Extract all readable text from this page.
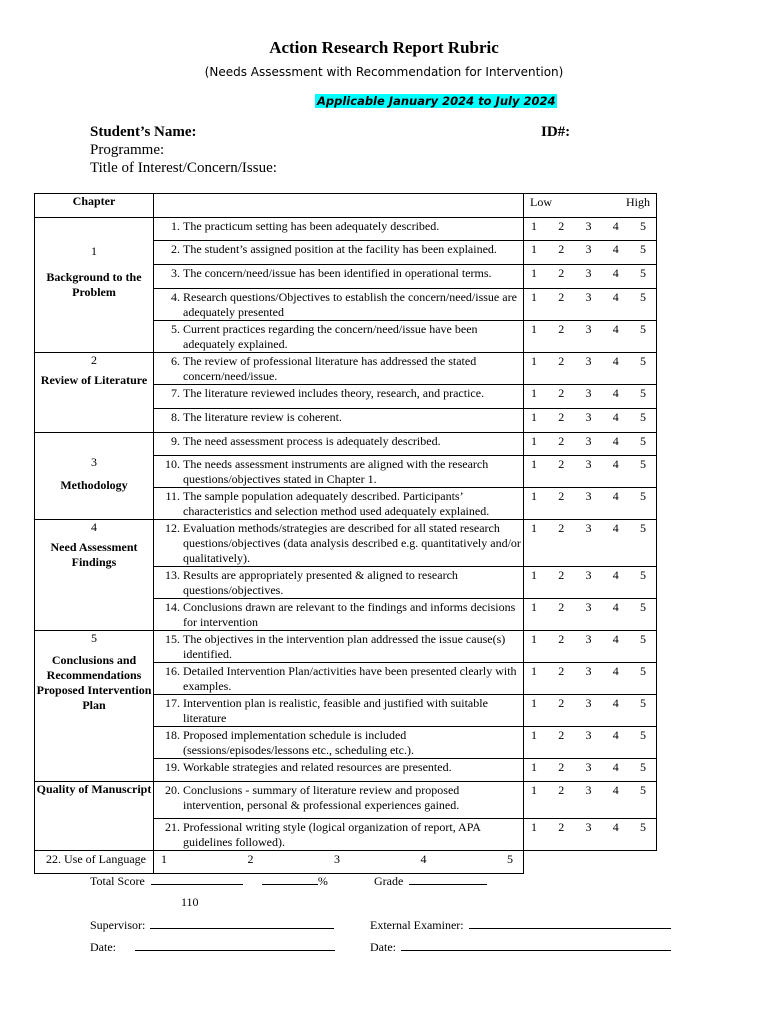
Action Research Report Rubric
(Needs Assessment with Recommendation for Intervention)
Applicable January 2024 to July 2024
Student’s Name:	ID#:
Programme:
Title of Interest/Concern/Issue:
Chapter		Low High

1
Background to the Problem	1. The practicum setting has been adequately described.	1 2 3 4 5

	2. The student’s assigned position at the facility has been explained.	1 2 3 4 5

	3. The concern/need/issue has been identified in operational terms.	1 2 3 4 5

	4. Research questions/Objectives to establish the concern/need/issue are adequately presented	1 2 3 4 5

	5. Current practices regarding the concern/need/issue have been adequately explained.	1 2 3 4 5

2
Review of Literature	6. The review of professional literature has addressed the stated concern/need/issue.	1 2 3 4 5

	7. The literature reviewed includes theory, research, and practice.	1 2 3 4 5

	8. The literature review is coherent.	1 2 3 4 5

3
Methodology	9. The need assessment process is adequately described.	1 2 3 4 5

	10. The needs assessment instruments are aligned with the research questions/objectives stated in Chapter 1.	1 2 3 4 5

	11. The sample population adequately described. Participants’ characteristics and selection method used adequately explained.	1 2 3 4 5

4
Need Assessment Findings	12. Evaluation methods/strategies are described for all stated research questions/objectives (data analysis described e.g. quantitatively and/or qualitatively).	1 2 3 4 5

	13. Results are appropriately presented & aligned to research questions/objectives.	1 2 3 4 5

	14. Conclusions drawn are relevant to the findings and informs decisions for intervention	1 2 3 4 5

5
Conclusions and Recommendations Proposed Intervention Plan	15. The objectives in the intervention plan addressed the issue cause(s) identified.	1 2 3 4 5

	16. Detailed Intervention Plan/activities have been presented clearly with examples.	1 2 3 4 5

	17. Intervention plan is realistic, feasible and justified with suitable literature	1 2 3 4 5

	18. Proposed implementation schedule is included (sessions/episodes/lessons etc., scheduling etc.).	1 2 3 4 5

	19. Workable strategies and related resources are presented.	1 2 3 4 5

Quality of Manuscript	20. Conclusions - summary of literature review and proposed intervention, personal & professional experiences gained.	1 2 3 4 5

	21. Professional writing style (logical organization of report, APA guidelines followed).	1 2 3 4 5

22. Use of Language	1 2 3 4 5	
Total Score	%	Grade
110
Supervisor:	External Examiner:
Date:	Date:
